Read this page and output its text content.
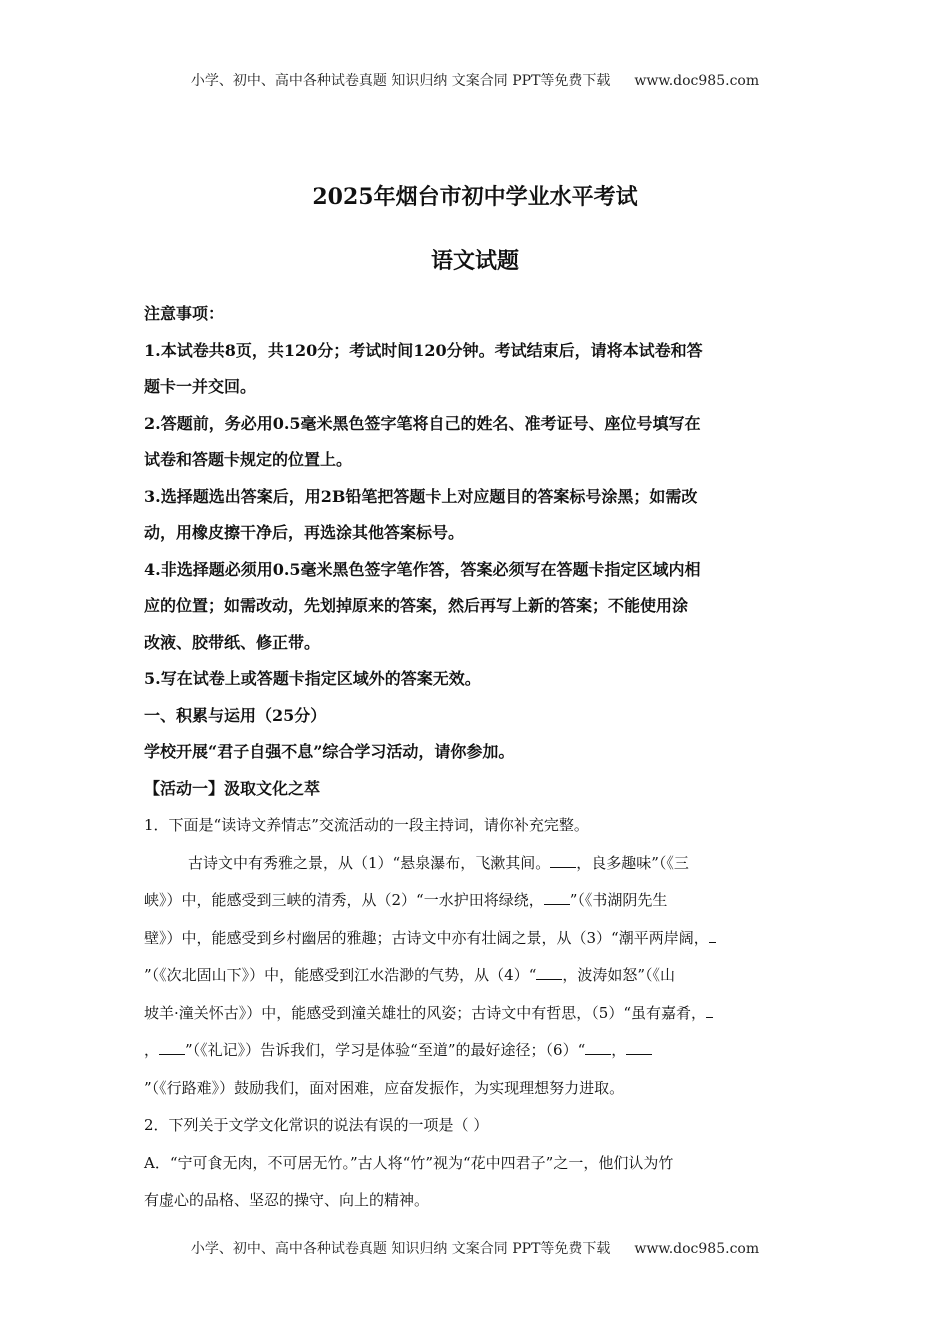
小学、初中、高中各种试卷真题 知识归纳 文案合同 PPT等免费下载 www.doc985.com
2025年烟台市初中学业水平考试
语文试题
注意事项：
1.本试卷共8页，共120分；考试时间120分钟。考试结束后，请将本试卷和答
题卡一并交回。
2.答题前，务必用0.5毫米黑色签字笔将自己的姓名、准考证号、座位号填写在
试卷和答题卡规定的位置上。
3.选择题选出答案后，用2B铅笔把答题卡上对应题目的答案标号涂黑；如需改
动，用橡皮擦干净后，再选涂其他答案标号。
4.非选择题必须用0.5毫米黑色签字笔作答，答案必须写在答题卡指定区域内相
应的位置；如需改动，先划掉原来的答案，然后再写上新的答案；不能使用涂
改液、胶带纸、修正带。
5.写在试卷上或答题卡指定区域外的答案无效。
一、积累与运用（25分）
学校开展“君子自强不息”综合学习活动，请你参加。
【活动一】汲取文化之萃
1．下面是“读诗文养情志”交流活动的一段主持词，请你补充完整。
古诗文中有秀雅之景，从（1）“悬泉瀑布，飞漱其间。 ，良多趣味”（《三
峡》）中，能感受到三峡的清秀，从（2）“一水护田将绿绕， ”（《书湖阴先生
壁》）中，能感受到乡村幽居的雅趣；古诗文中亦有壮阔之景，从（3）“潮平两岸阔，
”（《次北固山下》）中，能感受到江水浩渺的气势，从（4）“ ，波涛如怒”（《山
坡羊·潼关怀古》）中，能感受到潼关雄壮的风姿；古诗文中有哲思，（5）“虽有嘉肴，
， ”（《礼记》）告诉我们，学习是体验“至道”的最好途径；（6）“ ，
”（《行路难》）鼓励我们，面对困难，应奋发振作，为实现理想努力进取。
2．下列关于文学文化常识的说法有误的一项是（ ）
A．“宁可食无肉，不可居无竹。”古人将“竹”视为“花中四君子”之一，他们认为竹
有虚心的品格、坚忍的操守、向上的精神。
小学、初中、高中各种试卷真题 知识归纳 文案合同 PPT等免费下载 www.doc985.com
